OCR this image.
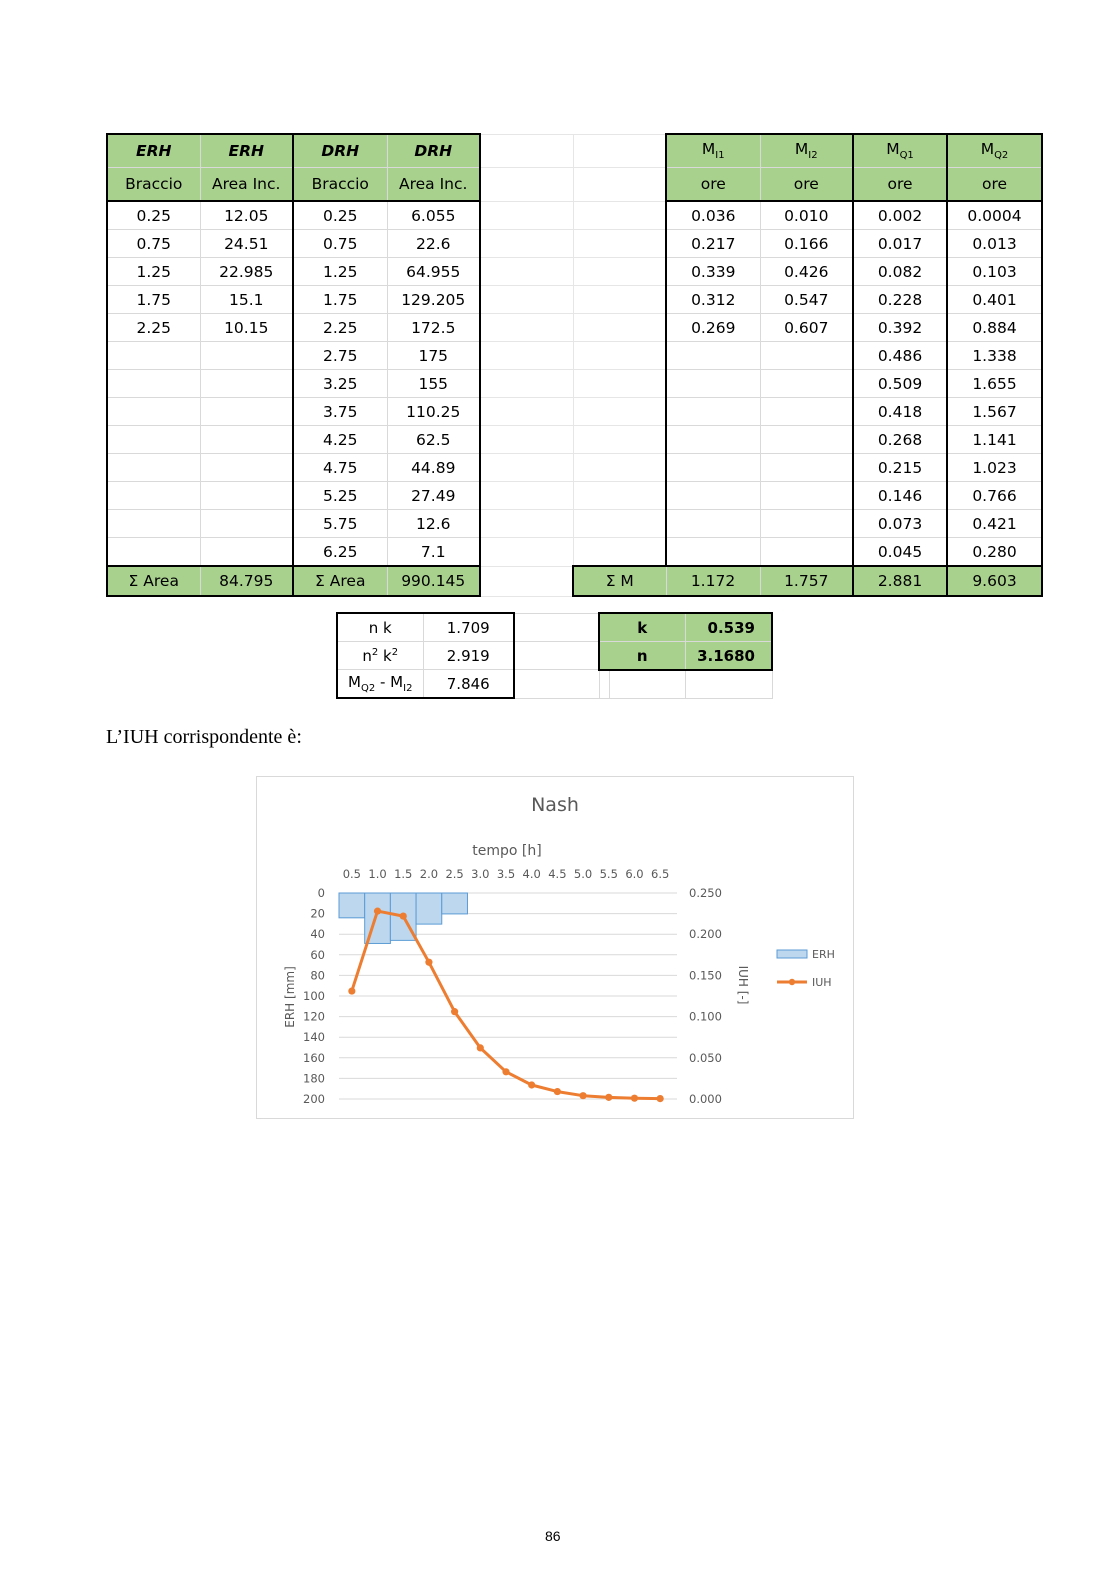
ERH	ERH	DRH	DRH			$M_{I1}$	$M_{I2}$	$M_{Q1}$	$M_{Q2}$
Braccio	Area Inc.	Braccio	Area Inc.			ore	ore	ore	ore
0.25	12.05	0.25	6.055			0.036	0.010	0.002	0.0004
0.75	24.51	0.75	22.6			0.217	0.166	0.017	0.013
1.25	22.985	1.25	64.955			0.339	0.426	0.082	0.103
1.75	15.1	1.75	129.205			0.312	0.547	0.228	0.401
2.25	10.15	2.25	172.5			0.269	0.607	0.392	0.884
		2.75	175					0.486	1.338
		3.25	155					0.509	1.655
		3.75	110.25					0.418	1.567
		4.25	62.5					0.268	1.141
		4.75	44.89					0.215	1.023
		5.25	27.49					0.146	0.766
		5.75	12.6					0.073	0.421
		6.25	7.1					0.045	0.280
Σ Area	84.795	Σ Area	990.145		Σ M	1.172	1.757	2.881	9.603
n k	1.709	
$n^2$ $k^2$	2.919	
$M_{Q2} - M_{I2}$	7.846	
k	0.539
n	3.1680

L’IUH corrispondente è:
Nash
tempo [h]
ERH [mm]	IUH [-]
0.5 1.0 1.5 2.0 2.5 3.0 3.5 4.0 4.5 5.0 5.5 6.0 6.5
0
20
40
60
80
100
120
140
160
180
200
0.250
0.200
0.150
0.100
0.050
0.000
ERH
IUH
86
